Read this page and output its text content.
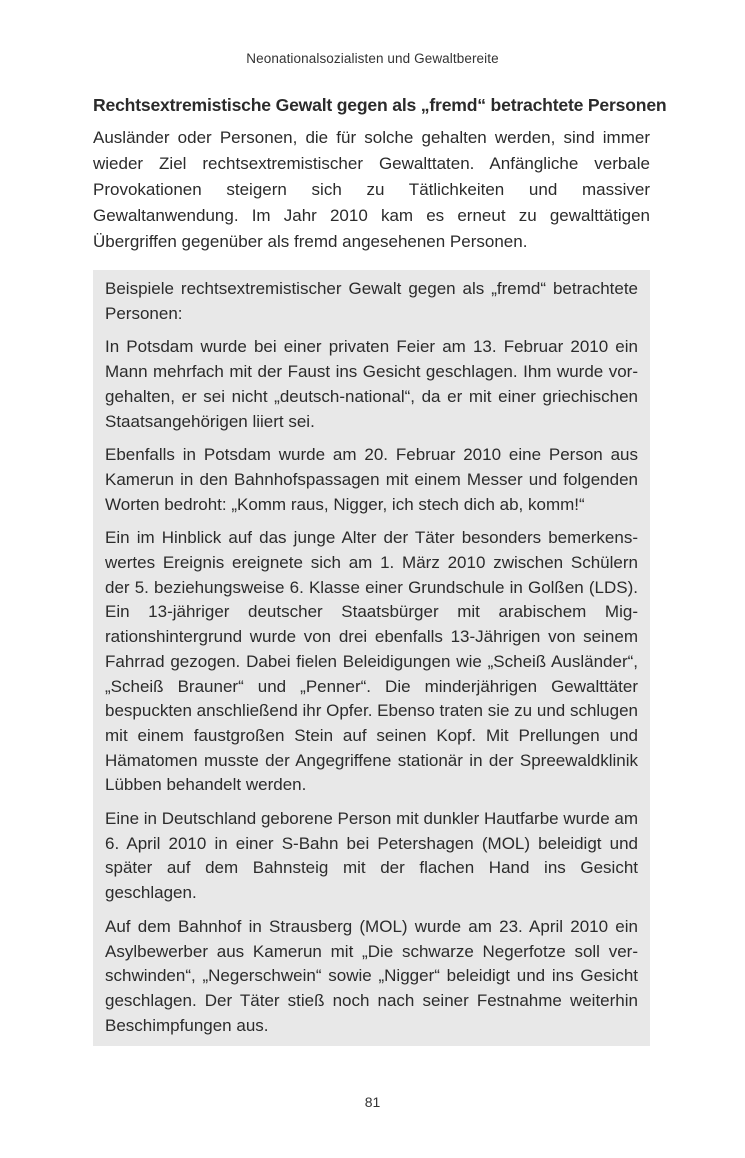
Neonationalsozialisten und Gewaltbereite
Rechtsextremistische Gewalt gegen als „fremd“ betrachtete Personen

Ausländer oder Personen, die für solche gehalten werden, sind immer wieder Ziel rechtsextremistischer Gewalttaten. Anfängliche verbale Provokationen steigern sich zu Tätlichkeiten und massiver Gewaltanwendung. Im Jahr 2010 kam es erneut zu gewalttätigen Übergriffen gegenüber als fremd angesehenen Personen.

Beispiele rechtsextremistischer Gewalt gegen als „fremd“ betrachtete Personen:

In Potsdam wurde bei einer privaten Feier am 13. Februar 2010 ein Mann mehrfach mit der Faust ins Gesicht geschlagen. Ihm wurde vorgehalten, er sei nicht „deutsch-national“, da er mit einer griechischen Staatsangehörigen liiert sei.

Ebenfalls in Potsdam wurde am 20. Februar 2010 eine Person aus Kamerun in den Bahnhofspassagen mit einem Messer und folgenden Worten bedroht: „Komm raus, Nigger, ich stech dich ab, komm!“

Ein im Hinblick auf das junge Alter der Täter besonders bemerkenswertes Ereignis ereignete sich am 1. März 2010 zwischen Schülern der 5. beziehungsweise 6. Klasse einer Grundschule in Golßen (LDS). Ein 13-jähriger deutscher Staatsbürger mit arabischem Migrationshintergrund wurde von drei ebenfalls 13-Jährigen von seinem Fahrrad gezogen. Dabei fielen Beleidigungen wie „Scheiß Ausländer“, „Scheiß Brauner“ und „Penner“. Die minderjährigen Gewalttäter bespuckten anschließend ihr Opfer. Ebenso traten sie zu und schlugen mit einem faustgroßen Stein auf seinen Kopf. Mit Prellungen und Hämatomen musste der Angegriffene stationär in der Spreewaldklinik Lübben behandelt werden.

Eine in Deutschland geborene Person mit dunkler Hautfarbe wurde am 6. April 2010 in einer S-Bahn bei Petershagen (MOL) beleidigt und später auf dem Bahnsteig mit der flachen Hand ins Gesicht geschlagen.

Auf dem Bahnhof in Strausberg (MOL) wurde am 23. April 2010 ein Asylbewerber aus Kamerun mit „Die schwarze Negerfotze soll verschwinden“, „Negerschwein“ sowie „Nigger“ beleidigt und ins Gesicht geschlagen. Der Täter stieß noch nach seiner Festnahme weiterhin Beschimpfungen aus.

81
